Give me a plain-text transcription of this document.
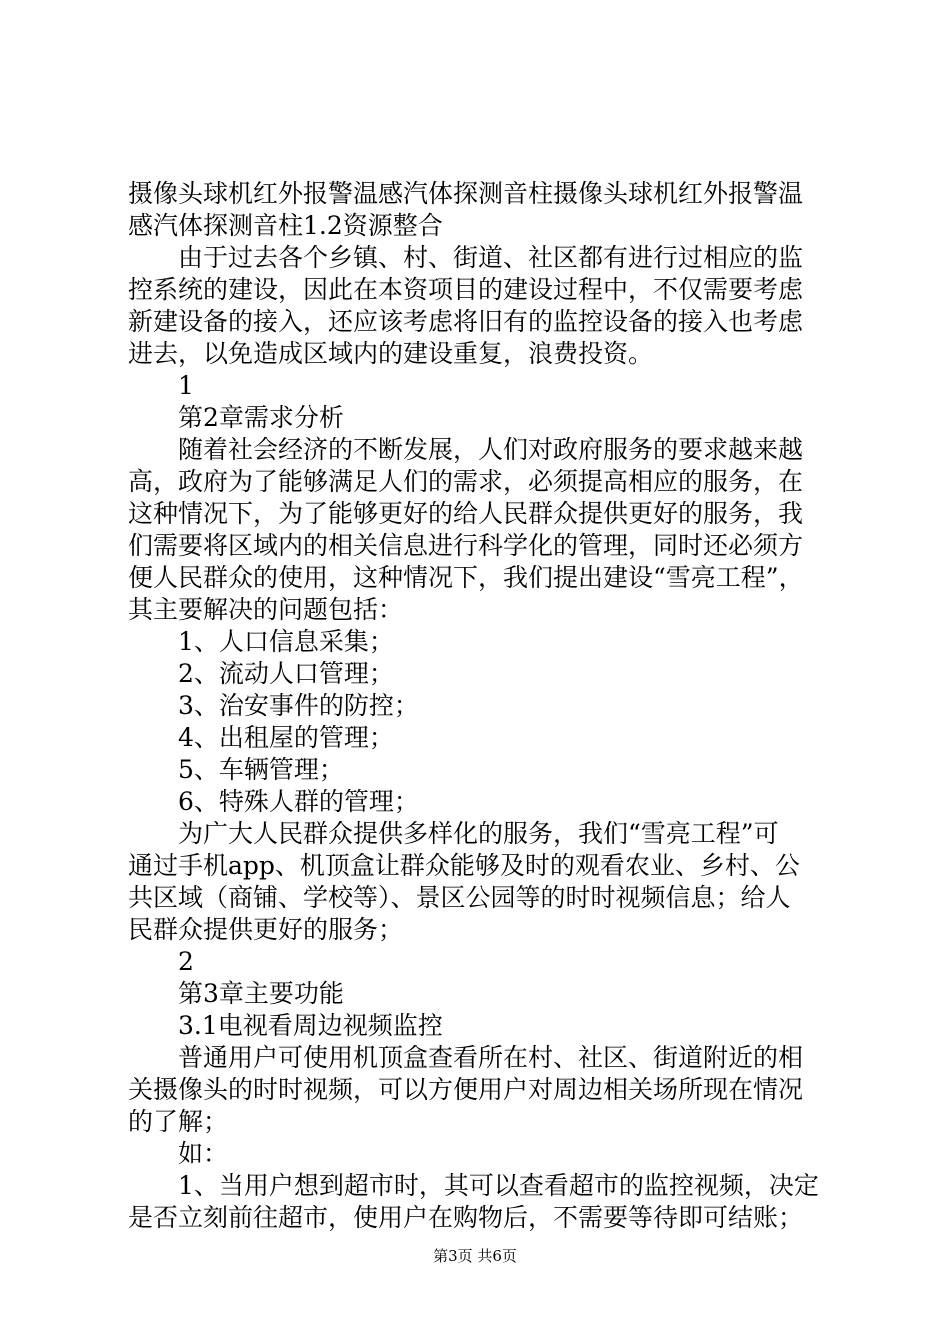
摄像头球机红外报警温感汽体探测音柱摄像头球机红外报警温
感汽体探测音柱1.2资源整合
由于过去各个乡镇、村、街道、社区都有进行过相应的监
控系统的建设，因此在本资项目的建设过程中，不仅需要考虑
新建设备的接入，还应该考虑将旧有的监控设备的接入也考虑
进去，以免造成区域内的建设重复，浪费投资。
1
第2章需求分析
随着社会经济的不断发展，人们对政府服务的要求越来越
高，政府为了能够满足人们的需求，必须提高相应的服务，在
这种情况下，为了能够更好的给人民群众提供更好的服务，我
们需要将区域内的相关信息进行科学化的管理，同时还必须方
便人民群众的使用，这种情况下，我们提出建设“雪亮工程”，
其主要解决的问题包括：
1、人口信息采集；
2、流动人口管理；
3、治安事件的防控；
4、出租屋的管理；
5、车辆管理；
6、特殊人群的管理；
为广大人民群众提供多样化的服务，我们“雪亮工程”可
通过手机app、机顶盒让群众能够及时的观看农业、乡村、公
共区域（商铺、学校等）、景区公园等的时时视频信息；给人
民群众提供更好的服务；
2
第3章主要功能
3.1电视看周边视频监控
普通用户可使用机顶盒查看所在村、社区、街道附近的相
关摄像头的时时视频，可以方便用户对周边相关场所现在情况
的了解；
如：
1、当用户想到超市时，其可以查看超市的监控视频，决定
是否立刻前往超市，使用户在购物后，不需要等待即可结账；
第3页 共6页
